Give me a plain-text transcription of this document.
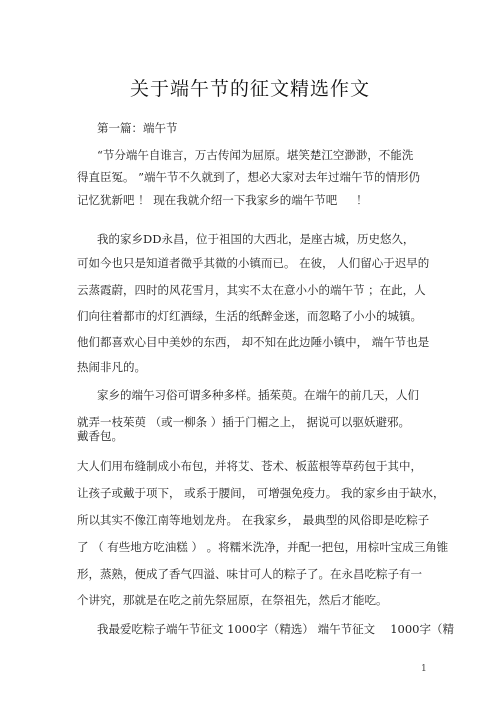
关于端午节的征文精选作文
第一篇：端午节
“节分端午自谁言，万古传闻为屈原。堪笑楚江空渺渺，不能洗
得直臣冤。 ”端午节不久就到了，想必大家对去年过端午节的情形仍
记忆犹新吧 ！ 现在我就介绍一下我家乡的端午节吧 　 ！
我的家乡DD永昌，位于祖国的大西北，是座古城，历史悠久，
可如今也只是知道者微乎其微的小镇而已。 在彼， 人们留心于迟早的
云蒸霞蔚，四时的风花雪月，其实不太在意小小的端午节 ；在此，人
们向往着都市的灯红酒绿，生活的纸醉金迷，而忽略了小小的城镇。
他们都喜欢心目中美妙的东西， 却不知在此边陲小镇中， 端午节也是
热闹非凡的。
家乡的端午习俗可谓多种多样。插茱萸。在端午的前几天，人们
就弄一枝茱萸 （或一柳条 ）插于门楣之上， 据说可以驱妖避邪。
戴香包。
大人们用布缝制成小布包，并将艾、苍术、板蓝根等草药包于其中，
让孩子或戴于项下， 或系于腰间， 可增强免疫力。 我的家乡由于缺水，
所以其实不像江南等地划龙舟。 在我家乡， 最典型的风俗即是吃粽子
了 （ 有些地方吃油糕 ） 。将糯米洗净，并配一把包，用棕叶宝成三角锥
形，蒸熟，便成了香气四溢、味甘可人的粽子了。在永昌吃粽子有一
个讲究，那就是在吃之前先祭屈原，在祭祖先，然后才能吃。
我最爱吃粽子端午节征文 1000字（精选） 端午节征文 　1000字（精
1
